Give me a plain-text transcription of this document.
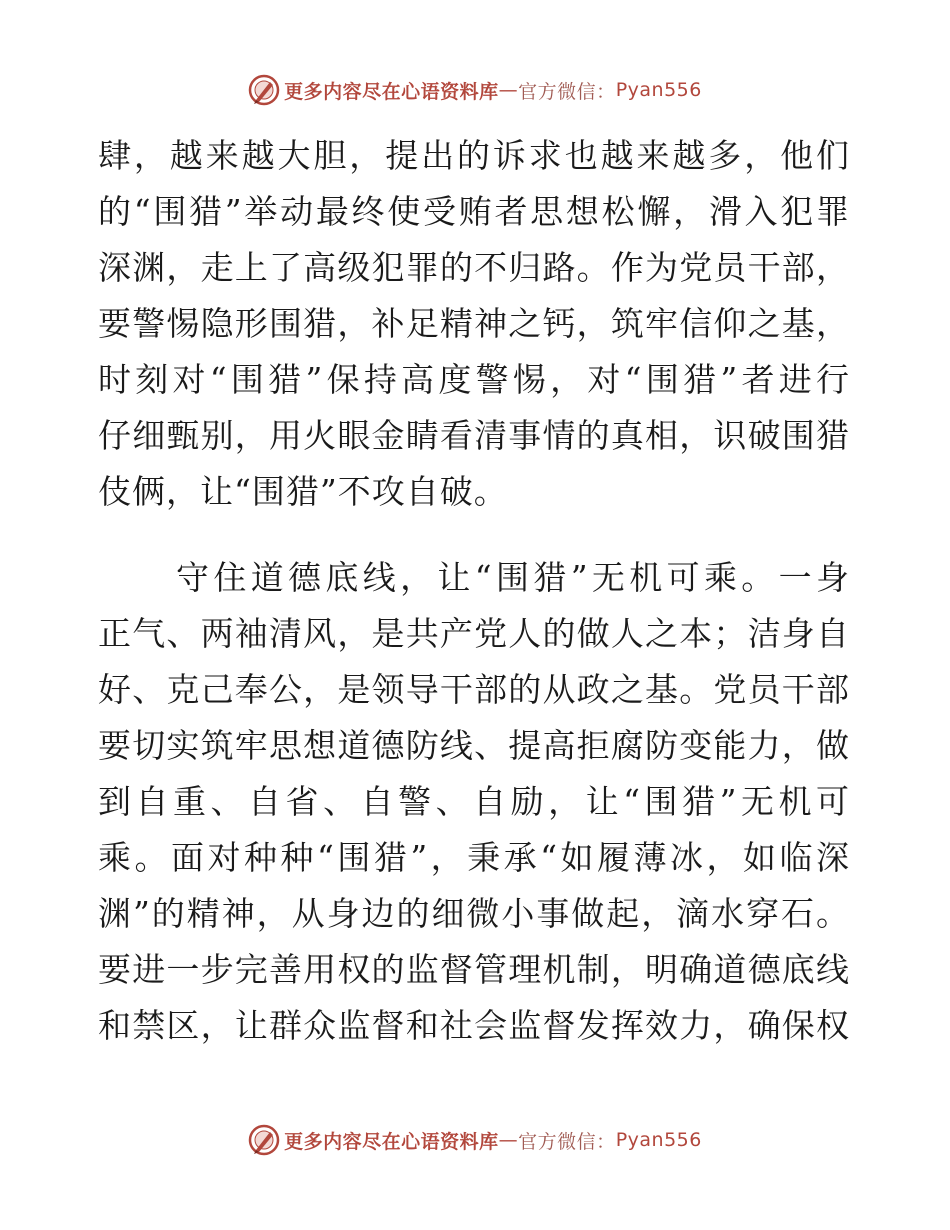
更多内容尽在心语资料库 — 官方微信： Pyan556
肆，越来越大胆，提出的诉求也越来越多，他们
的“围猎”举动最终使受贿者思想松懈，滑入犯罪
深渊，走上了高级犯罪的不归路。作为党员干部，
要警惕隐形围猎，补足精神之钙，筑牢信仰之基，
时刻对“围猎”保持高度警惕，对“围猎”者进行
仔细甄别，用火眼金睛看清事情的真相，识破围猎
伎俩，让“围猎”不攻自破。
守住道德底线，让“围猎”无机可乘。一身
正气、两袖清风，是共产党人的做人之本；洁身自
好、克己奉公，是领导干部的从政之基。党员干部
要切实筑牢思想道德防线、提高拒腐防变能力，做
到自重、自省、自警、自励，让“围猎”无机可
乘。面对种种“围猎”，秉承“如履薄冰，如临深
渊”的精神，从身边的细微小事做起，滴水穿石。
要进一步完善用权的监督管理机制，明确道德底线
和禁区，让群众监督和社会监督发挥效力，确保权
更多内容尽在心语资料库 — 官方微信： Pyan556
